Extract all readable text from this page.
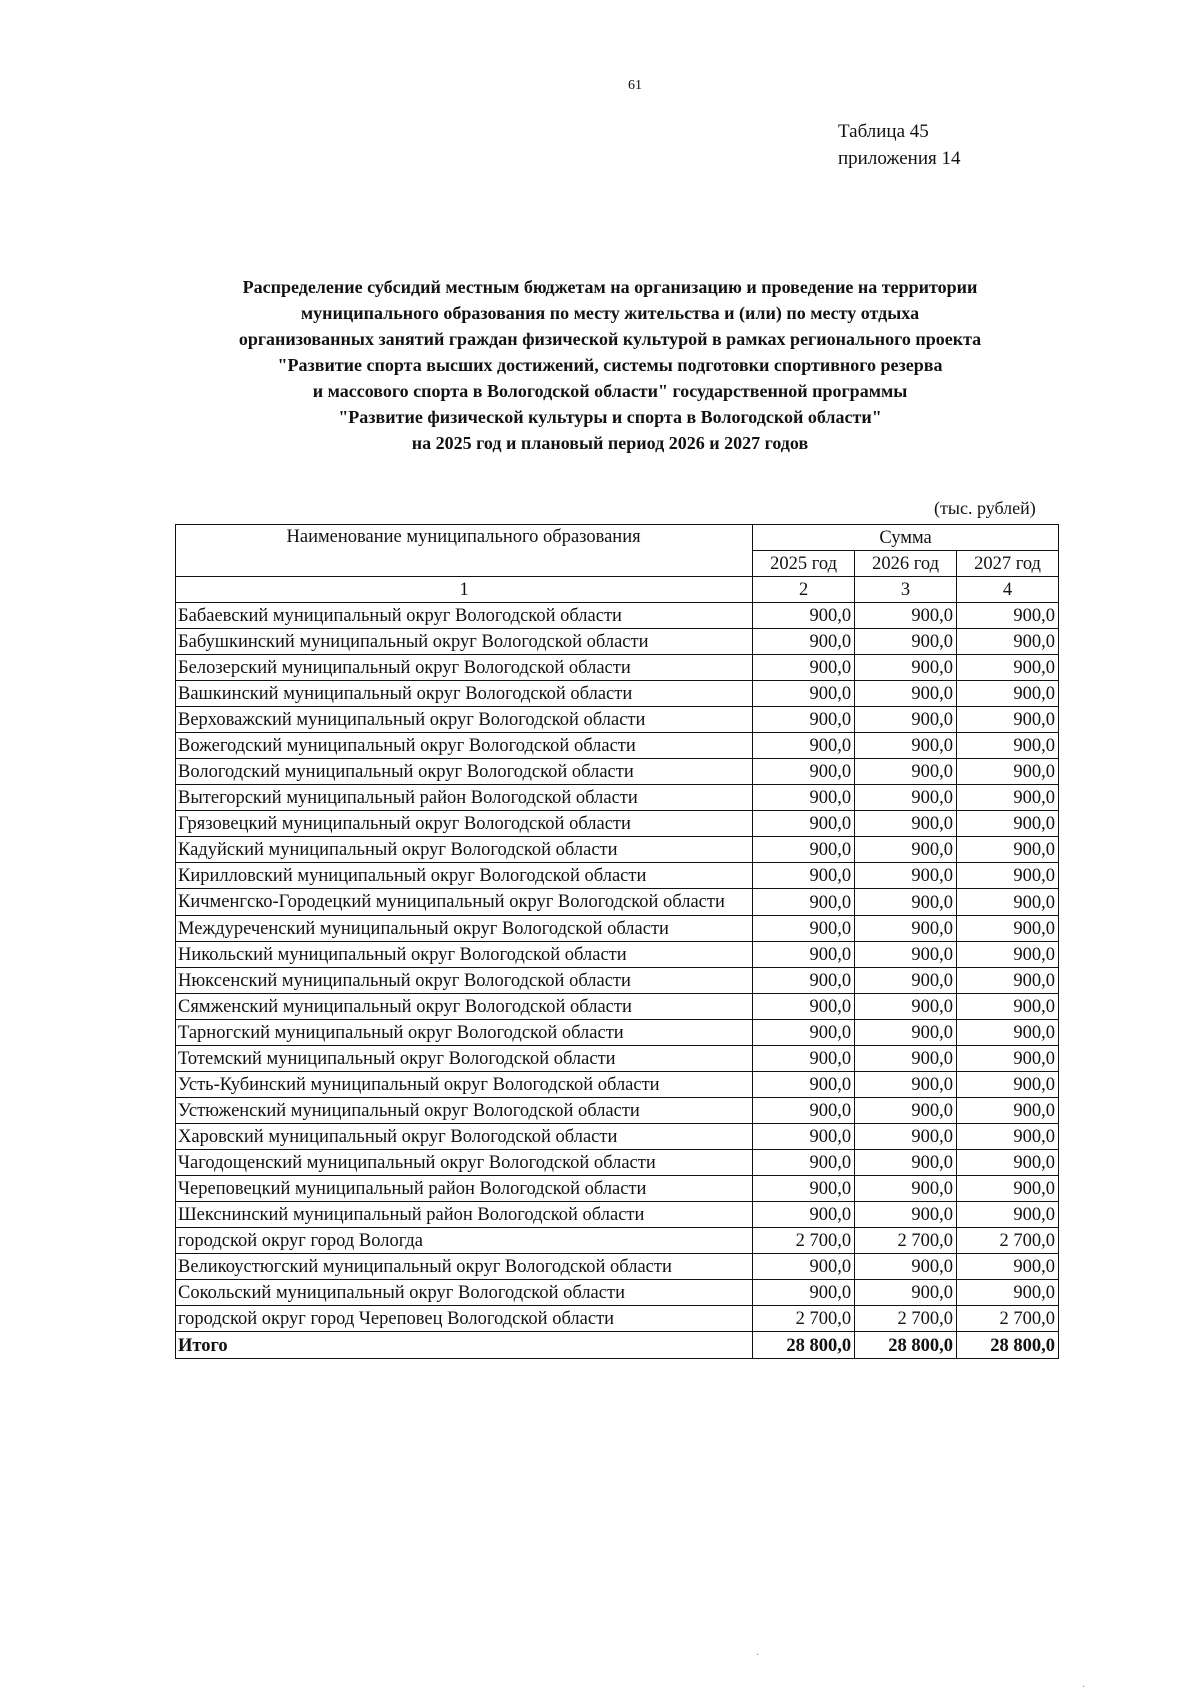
61
Таблица 45
приложения 14
Распределение субсидий местным бюджетам на организацию и проведение на территории
муниципального образования по месту жительства и (или) по месту отдыха
организованных занятий граждан физической культурой в рамках регионального проекта
"Развитие спорта высших достижений, системы подготовки спортивного резерва
и массового спорта в Вологодской области" государственной программы
"Развитие физической культуры и спорта в Вологодской области"
на 2025 год и плановый период 2026 и 2027 годов
(тыс. рублей)
Наименование муниципального образования	Сумма		
	2025 год	2026 год	2027 год
1	2	3	4
Бабаевский муниципальный округ Вологодской области	900,0	900,0	900,0
Бабушкинский муниципальный округ Вологодской области	900,0	900,0	900,0
Белозерский муниципальный округ Вологодской области	900,0	900,0	900,0
Вашкинский муниципальный округ Вологодской области	900,0	900,0	900,0
Верховажский муниципальный округ Вологодской области	900,0	900,0	900,0
Вожегодский муниципальный округ Вологодской области	900,0	900,0	900,0
Вологодский муниципальный округ Вологодской области	900,0	900,0	900,0
Вытегорский муниципальный район Вологодской области	900,0	900,0	900,0
Грязовецкий муниципальный округ Вологодской области	900,0	900,0	900,0
Кадуйский муниципальный округ Вологодской области	900,0	900,0	900,0
Кирилловский муниципальный округ Вологодской области	900,0	900,0	900,0
Кичменгско-Городецкий муниципальный округ Вологодской области	900,0	900,0	900,0
Междуреченский муниципальный округ Вологодской области	900,0	900,0	900,0
Никольский муниципальный округ Вологодской области	900,0	900,0	900,0
Нюксенский муниципальный округ Вологодской области	900,0	900,0	900,0
Сямженский муниципальный округ Вологодской области	900,0	900,0	900,0
Тарногский муниципальный округ Вологодской области	900,0	900,0	900,0
Тотемский муниципальный округ Вологодской области	900,0	900,0	900,0
Усть-Кубинский муниципальный округ Вологодской области	900,0	900,0	900,0
Устюженский муниципальный округ Вологодской области	900,0	900,0	900,0
Харовский муниципальный округ Вологодской области	900,0	900,0	900,0
Чагодощенский муниципальный округ Вологодской области	900,0	900,0	900,0
Череповецкий муниципальный район Вологодской области	900,0	900,0	900,0
Шекснинский муниципальный район Вологодской области	900,0	900,0	900,0
городской округ город Вологда	2 700,0	2 700,0	2 700,0
Великоустюгский муниципальный округ Вологодской области	900,0	900,0	900,0
Сокольский муниципальный округ Вологодской области	900,0	900,0	900,0
городской округ город Череповец Вологодской области	2 700,0	2 700,0	2 700,0
Итого	28 800,0	28 800,0	28 800,0
·
·
